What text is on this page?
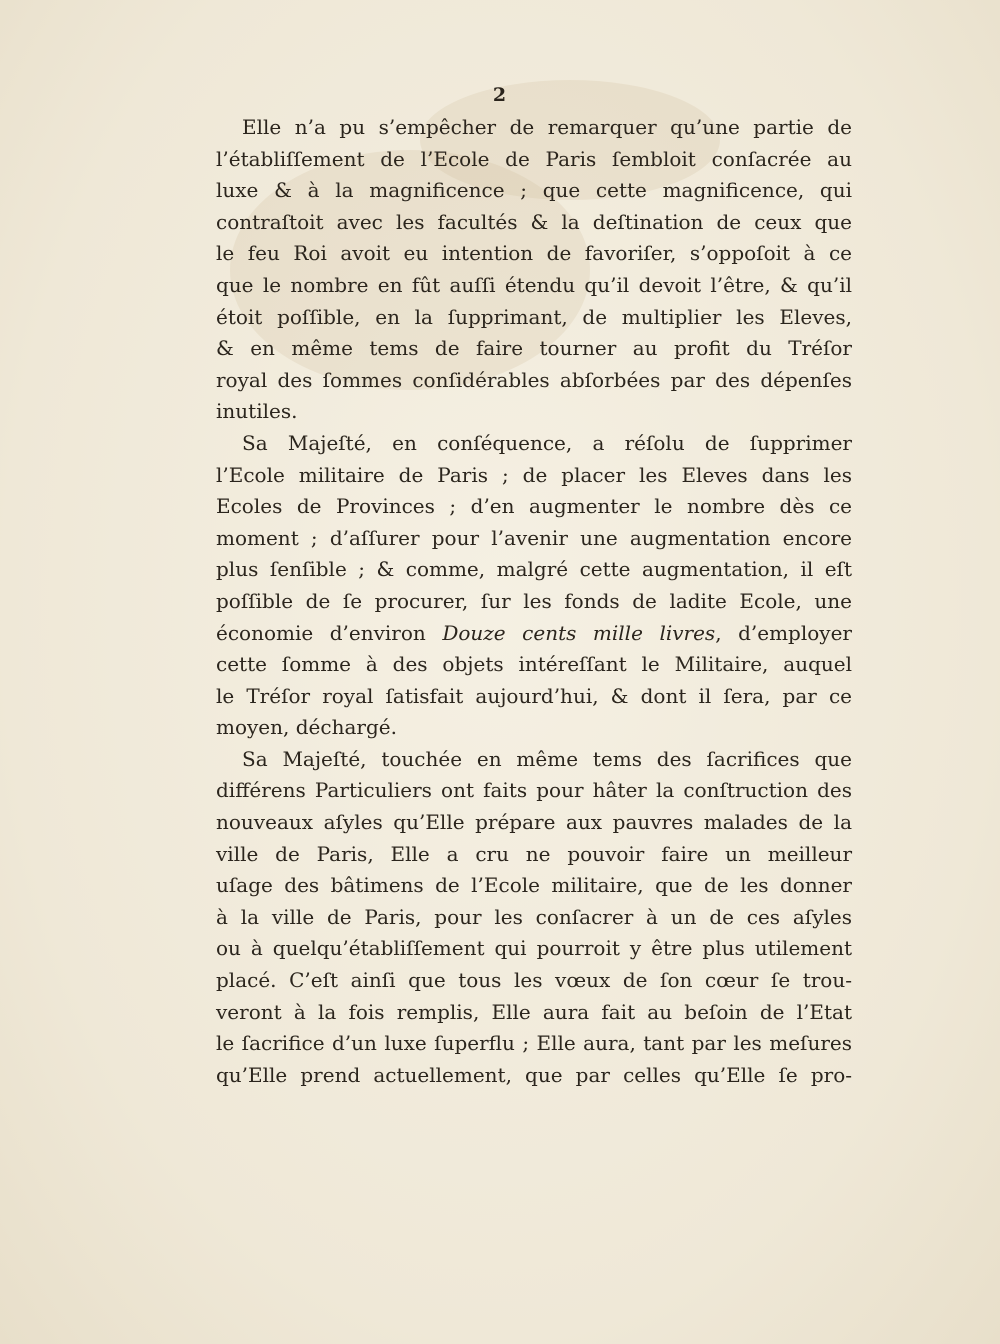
2
Elle n’a pu s’empêcher de remarquer qu’une partie de
l’établiſſement de l’Ecole de Paris ſembloit conſacrée au
luxe & à la magnificence ; que cette magnificence, qui
contraſtoit avec les facultés & la deſtination de ceux que
le feu Roi avoit eu intention de favoriſer, s’oppoſoit à ce
que le nombre en fût auſſi étendu qu’il devoit l’être, & qu’il
étoit poſſible, en la ſupprimant, de multiplier les Eleves,
& en même tems de faire tourner au profit du Tréſor
royal des ſommes conſidérables abſorbées par des dépenſes
inutiles.
Sa Majeſté, en conſéquence, a réſolu de ſupprimer
l’Ecole militaire de Paris ; de placer les Eleves dans les
Ecoles de Provinces ; d’en augmenter le nombre dès ce
moment ; d’aſſurer pour l’avenir une augmentation encore
plus ſenſible ; & comme, malgré cette augmentation, il eſt
poſſible de ſe procurer, ſur les fonds de ladite Ecole, une
économie d’environ Douze cents mille livres, d’employer
cette ſomme à des objets intéreſſant le Militaire, auquel
le Tréſor royal ſatisfait aujourd’hui, & dont il ſera, par ce
moyen, déchargé.
Sa Majeſté, touchée en même tems des ſacrifices que
différens Particuliers ont faits pour hâter la conſtruction des
nouveaux aſyles qu’Elle prépare aux pauvres malades de la
ville de Paris, Elle a cru ne pouvoir faire un meilleur
uſage des bâtimens de l’Ecole militaire, que de les donner
à la ville de Paris, pour les conſacrer à un de ces aſyles
ou à quelqu’établiſſement qui pourroit y être plus utilement
placé. C’eſt ainſi que tous les vœux de ſon cœur ſe trou-
veront à la fois remplis, Elle aura fait au beſoin de l’Etat
le ſacrifice d’un luxe ſuperflu ; Elle aura, tant par les meſures
qu’Elle prend actuellement, que par celles qu’Elle ſe pro-
